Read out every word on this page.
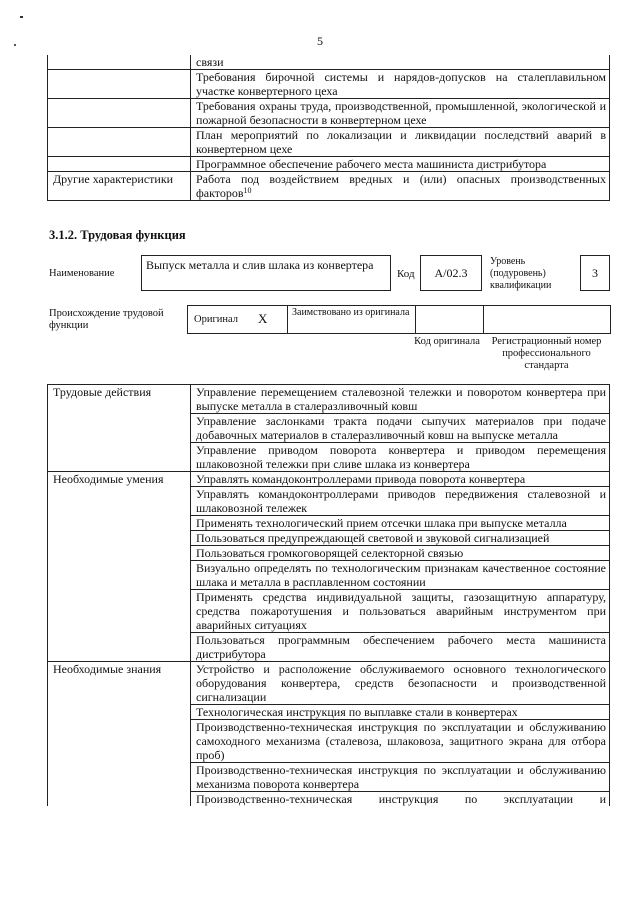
5
	связи
	Требования бирочной системы и нарядов-допусков на сталеплавильном участке конвертерного цеха
	Требования охраны труда, производственной, промышленной, экологической и пожарной безопасности в конвертерном цехе
	План мероприятий по локализации и ликвидации последствий аварий в конвертерном цехе
	Программное обеспечение рабочего места машиниста дистрибутора
Другие характеристики	Работа под воздействием вредных и (или) опасных производственных факторов$^{10}$
3.1.2. Трудовая функция
Наименование
Выпуск металла и слив шлака из конвертера
Код	A/02.3
Уровень (подуровень) квалификации
3
Происхождение трудовой функции
Оригинал X Заимствовано из оригинала
Код оригинала	Регистрационный номер профессионального стандарта
Трудовые действия	Управление перемещением сталевозной тележки и поворотом конвертера при выпуске металла в сталеразливочный ковш
	Управление заслонками тракта подачи сыпучих материалов при подаче добавочных материалов в сталеразливочный ковш на выпуске металла
	Управление приводом поворота конвертера и приводом перемещения шлаковозной тележки при сливе шлака из конвертера
Необходимые умения	Управлять командоконтроллерами привода поворота конвертера
	Управлять командоконтроллерами приводов передвижения сталевозной и шлаковозной тележек
	Применять технологический прием отсечки шлака при выпуске металла
	Пользоваться предупреждающей световой и звуковой сигнализацией
	Пользоваться громкоговорящей селекторной связью
	Визуально определять по технологическим признакам качественное состояние шлака и металла в расплавленном состоянии
	Применять средства индивидуальной защиты, газозащитную аппаратуру, средства пожаротушения и пользоваться аварийным инструментом при аварийных ситуациях
	Пользоваться программным обеспечением рабочего места машиниста дистрибутора
Необходимые знания	Устройство и расположение обслуживаемого основного технологического оборудования конвертера, средств безопасности и производственной сигнализации
	Технологическая инструкция по выплавке стали в конвертерах
	Производственно-техническая инструкция по эксплуатации и обслуживанию самоходного механизма (сталевоза, шлаковоза, защитного экрана для отбора проб)
	Производственно-техническая инструкция по эксплуатации и обслуживанию механизма поворота конвертера
	Производственно-техническая инструкция по эксплуатации и
